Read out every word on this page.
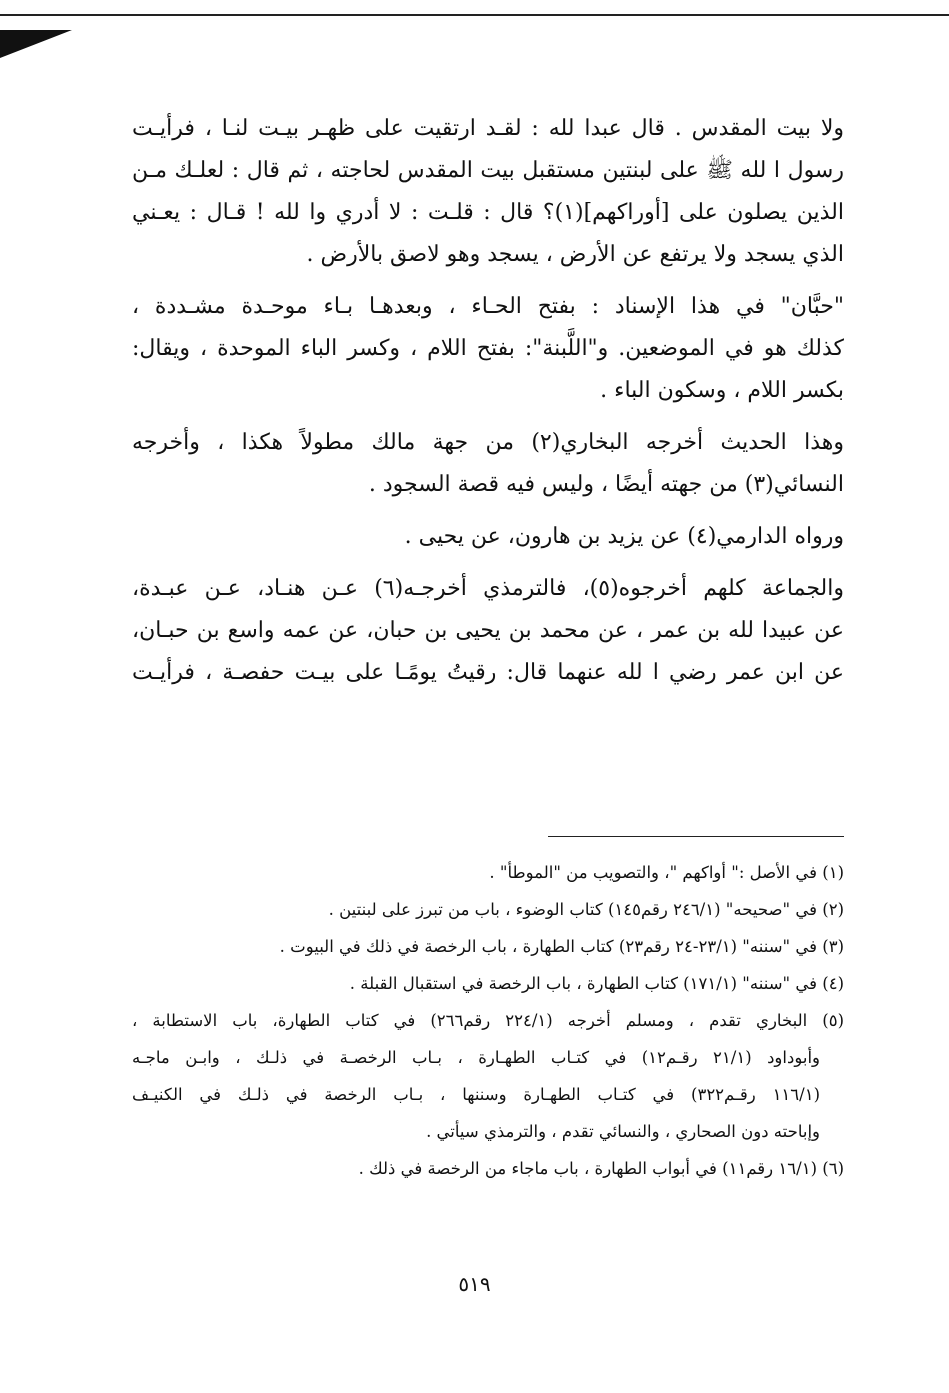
ولا بيت المقدس . قال عبدا لله : لقـد ارتقيت على ظهـر بيـت لنـا ، فرأيـت
رسول ا لله ﷺ على لبنتين مستقبل بيت المقدس لحاجته ، ثم قال : لعلـك مـن
الذين يصلون على [أوراكهم](١)؟ قال : قلـت : لا أدري وا لله ! قـال : يعـني
الذي يسجد ولا يرتفع عن الأرض ، يسجد وهو لاصق بالأرض .
"حبَّان" في هذا الإسناد : بفتح الحـاء ، وبعدهـا بـاء موحـدة مشـددة ،
كذلك هو في الموضعين. و"اللَّبنة": بفتح اللام ، وكسر الباء الموحدة ، ويقال:
بكسر اللام ، وسكون الباء .
وهذا الحديث أخرجه البخاري(٢) من جهة مالك مطولاً هكذا ، وأخرجه
النسائي(٣) من جهته أيضًا ، وليس فيه قصة السجود .
ورواه الدارمي(٤) عن يزيد بن هارون، عن يحيى .
والجماعة كلهم أخرجوه(٥)، فالترمذي أخرجـه(٦) عـن هنـاد، عـن عبـدة،
عن عبيدا لله بن عمر ، عن محمد بن يحيى بن حبان، عن عمه واسع بن حبـان،
عن ابن عمر رضي ا لله عنهما قال: رقيتُ يومًـا على بيـت حفصـة ، فرأيـت
(١) في الأصل :" أواكهم "، والتصويب من "الموطأ" .
(٢) في "صحيحه" (٢٤٦/١ رقم١٤٥) كتاب الوضوء ، باب من تبرز على لبنتين .
(٣) في "سننه" (٢٣/١-٢٤ رقم٢٣) كتاب الطهارة ، باب الرخصة في ذلك في البيوت .
(٤) في "سننه" (١٧١/١) كتاب الطهارة ، باب الرخصة في استقبال القبلة .
(٥) البخاري تقدم ، ومسلم أخرجه (٢٢٤/١ رقم٢٦٦) في كتاب الطهارة، باب الاستطابة ،
وأبوداود (٢١/١ رقـم١٢) في كتـاب الطهـارة ، بـاب الرخصـة في ذلـك ، وابـن ماجـه
(١١٦/١ رقـم٣٢٢) في كتـاب الطهـارة وسننها ، بـاب الرخصة في ذلـك في الكنيـف
وإباحته دون الصحاري ، والنسائي تقدم ، والترمذي سيأتي .
(٦) (١٦/١ رقم١١) في أبواب الطهارة ، باب ماجاء من الرخصة في ذلك .
٥١٩
